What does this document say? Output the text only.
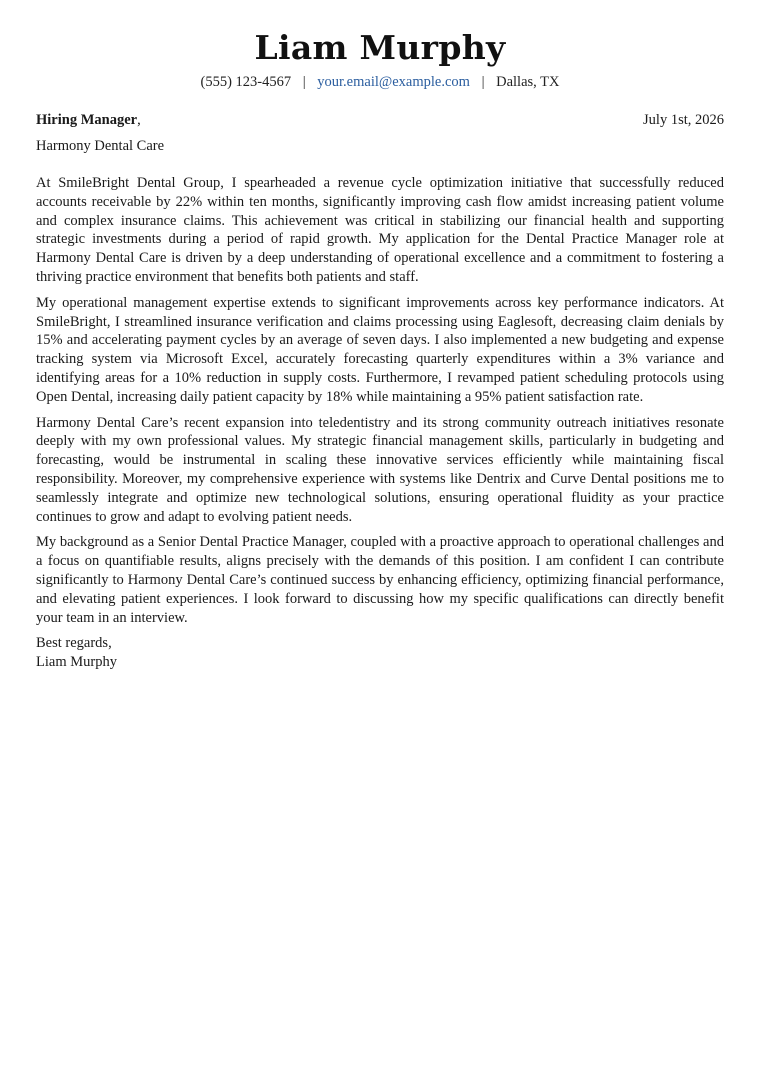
Liam Murphy
(555) 123-4567 | your.email@example.com | Dallas, TX
Hiring Manager,	July 1st, 2026
Harmony Dental Care

At SmileBright Dental Group, I spearheaded a revenue cycle optimization initiative that successfully reduced accounts receivable by 22% within ten months, significantly improving cash flow amidst increasing patient volume and complex insurance claims. This achievement was critical in stabilizing our financial health and supporting strategic investments during a period of rapid growth. My application for the Dental Practice Manager role at Harmony Dental Care is driven by a deep understanding of operational excellence and a commitment to fostering a thriving practice environment that benefits both patients and staff.

My operational management expertise extends to significant improvements across key performance indicators. At SmileBright, I streamlined insurance verification and claims processing using Eaglesoft, decreasing claim denials by 15% and accelerating payment cycles by an average of seven days. I also implemented a new budgeting and expense tracking system via Microsoft Excel, accurately forecasting quarterly expenditures within a 3% variance and identifying areas for a 10% reduction in supply costs. Furthermore, I revamped patient scheduling protocols using Open Dental, increasing daily patient capacity by 18% while maintaining a 95% patient satisfaction rate.

Harmony Dental Care’s recent expansion into teledentistry and its strong community outreach initiatives resonate deeply with my own professional values. My strategic financial management skills, particularly in budgeting and forecasting, would be instrumental in scaling these innovative services efficiently while maintaining fiscal responsibility. Moreover, my comprehensive experience with systems like Dentrix and Curve Dental positions me to seamlessly integrate and optimize new technological solutions, ensuring operational fluidity as your practice continues to grow and adapt to evolving patient needs.

My background as a Senior Dental Practice Manager, coupled with a proactive approach to operational challenges and a focus on quantifiable results, aligns precisely with the demands of this position. I am confident I can contribute significantly to Harmony Dental Care’s continued success by enhancing efficiency, optimizing financial performance, and elevating patient experiences. I look forward to discussing how my specific qualifications can directly benefit your team in an interview.

Best regards,
Liam Murphy
